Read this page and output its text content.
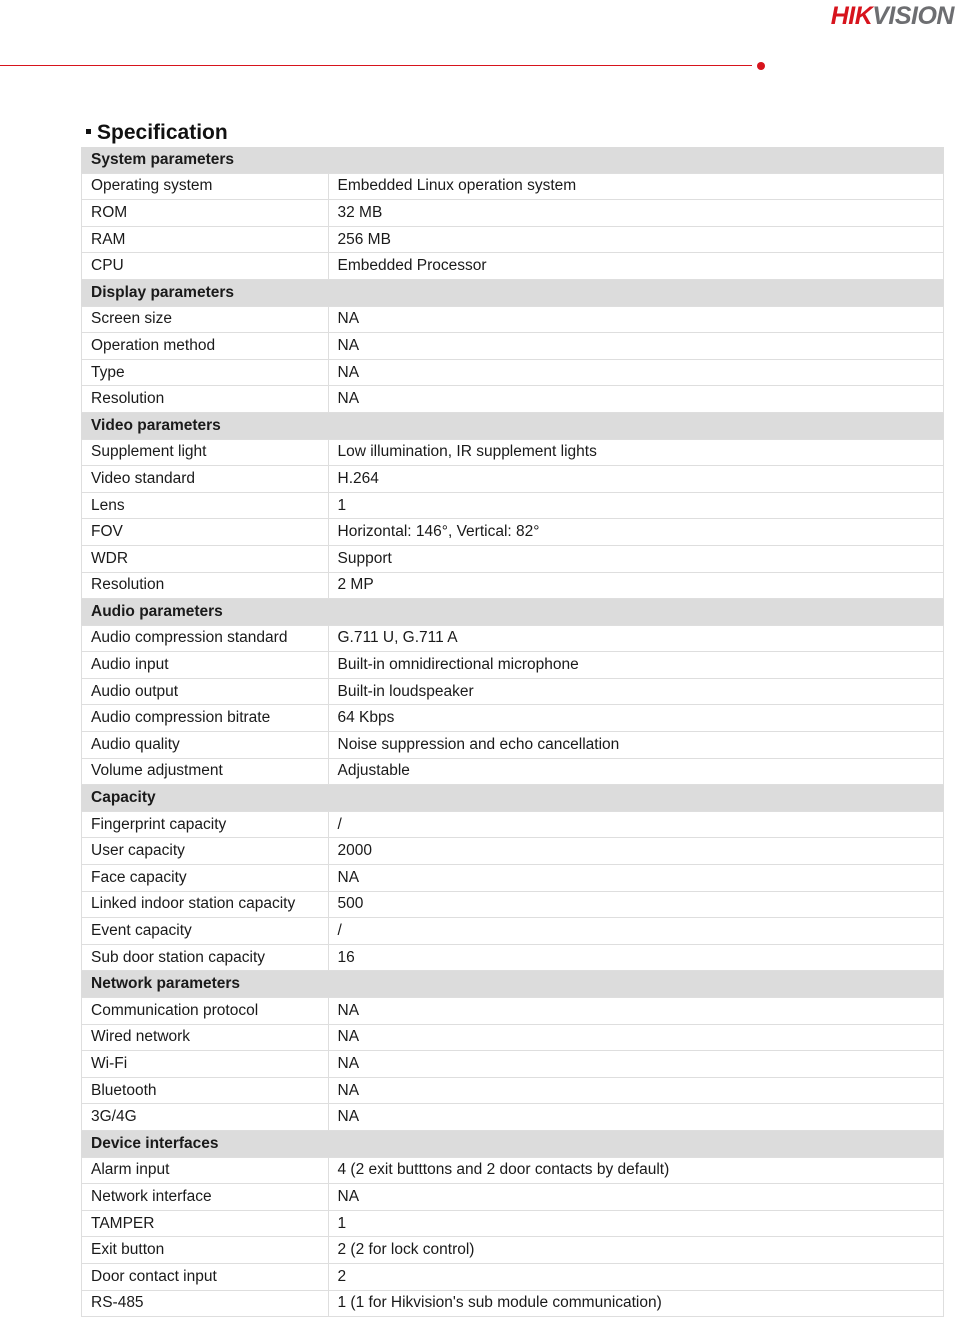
HIKVISION
Specification
System parameters	
Operating system	Embedded Linux operation system
ROM	32 MB
RAM	256 MB
CPU	Embedded Processor
Display parameters	
Screen size	NA
Operation method	NA
Type	NA
Resolution	NA
Video parameters	
Supplement light	Low illumination, IR supplement lights
Video standard	H.264
Lens	1
FOV	Horizontal: 146°, Vertical: 82°
WDR	Support
Resolution	2 MP
Audio parameters	
Audio compression standard	G.711 U, G.711 A
Audio input	Built-in omnidirectional microphone
Audio output	Built-in loudspeaker
Audio compression bitrate	64 Kbps
Audio quality	Noise suppression and echo cancellation
Volume adjustment	Adjustable
Capacity	
Fingerprint capacity	/
User capacity	2000
Face capacity	NA
Linked indoor station capacity	500
Event capacity	/
Sub door station capacity	16
Network parameters	
Communication protocol	NA
Wired network	NA
Wi-Fi	NA
Bluetooth	NA
3G/4G	NA
Device interfaces	
Alarm input	4 (2 exit butttons and 2 door contacts by default)
Network interface	NA
TAMPER	1
Exit button	2 (2 for lock control)
Door contact input	2
RS-485	1 (1 for Hikvision's sub module communication)
